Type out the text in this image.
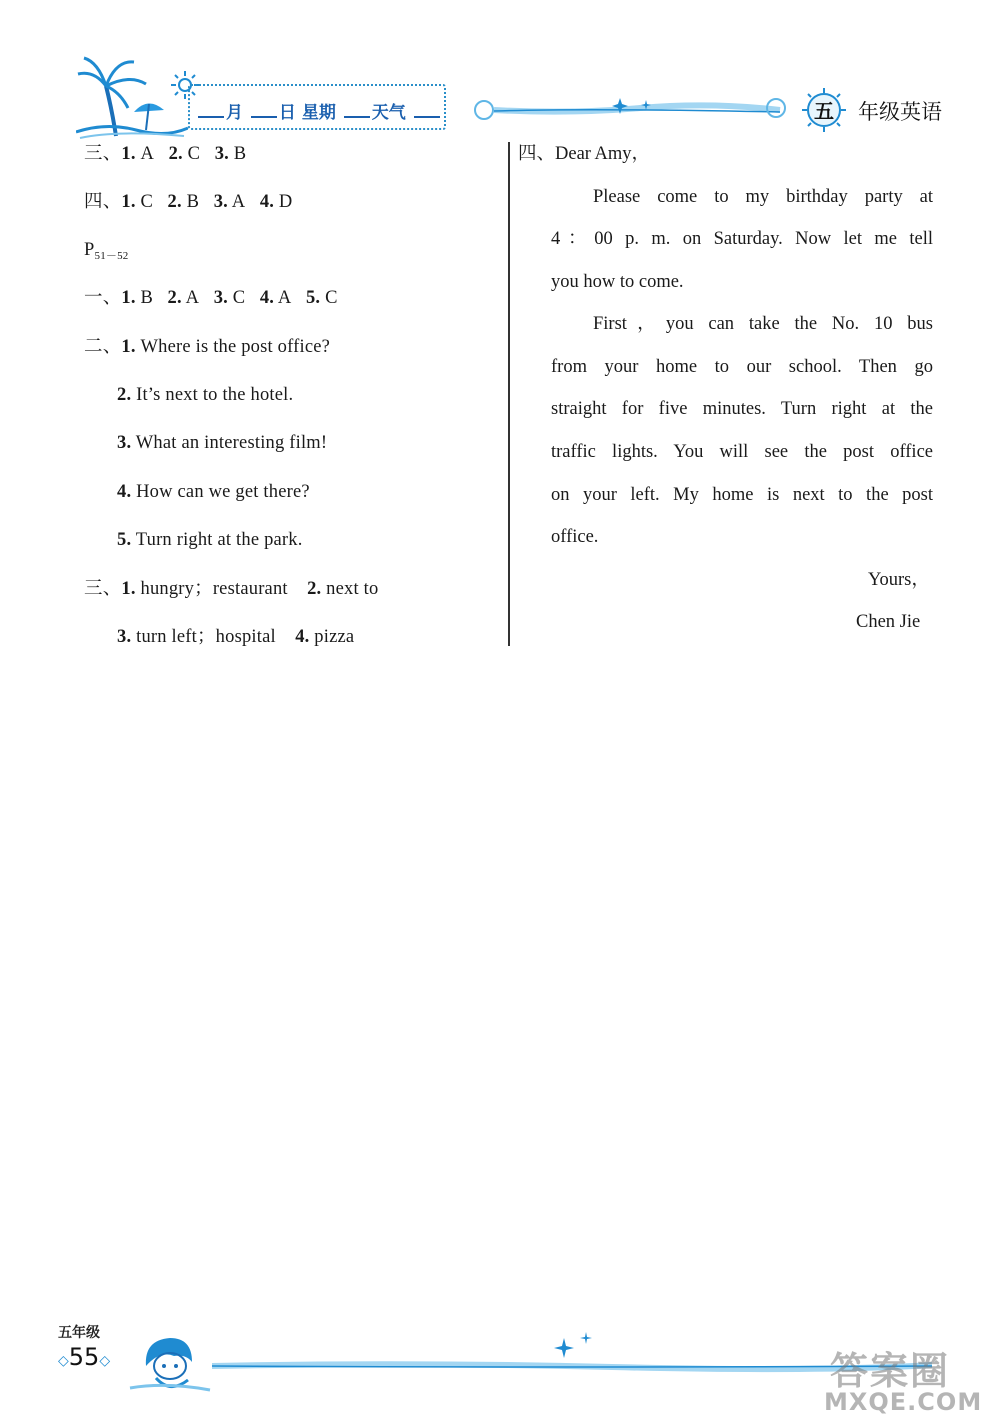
月 日 星期 天气	五 年级英语
三、1. A 2. C 3. B
四、1. C 2. B 3. A 4. D
$P_{51-52}$
一、1. B 2. A 3. C 4. A 5. C
二、1. Where is the post office?
2. It’s next to the hotel.
3. What an interesting film!
4. How can we get there?
5. Turn right at the park.
三、1. hungry；restaurant 2. next to
3. turn left；hospital 4. pizza
四、Dear Amy，
Please come to my birthday party at
4：00 p. m. on Saturday. Now let me tell
you how to come.
First，you can take the No. 10 bus
from your home to our school. Then go
straight for five minutes. Turn right at the
traffic lights. You will see the post office
on your left. My home is next to the post
office.
Yours，
Chen Jie
五年级
◇55◇	答案圈
MXQE.COM
